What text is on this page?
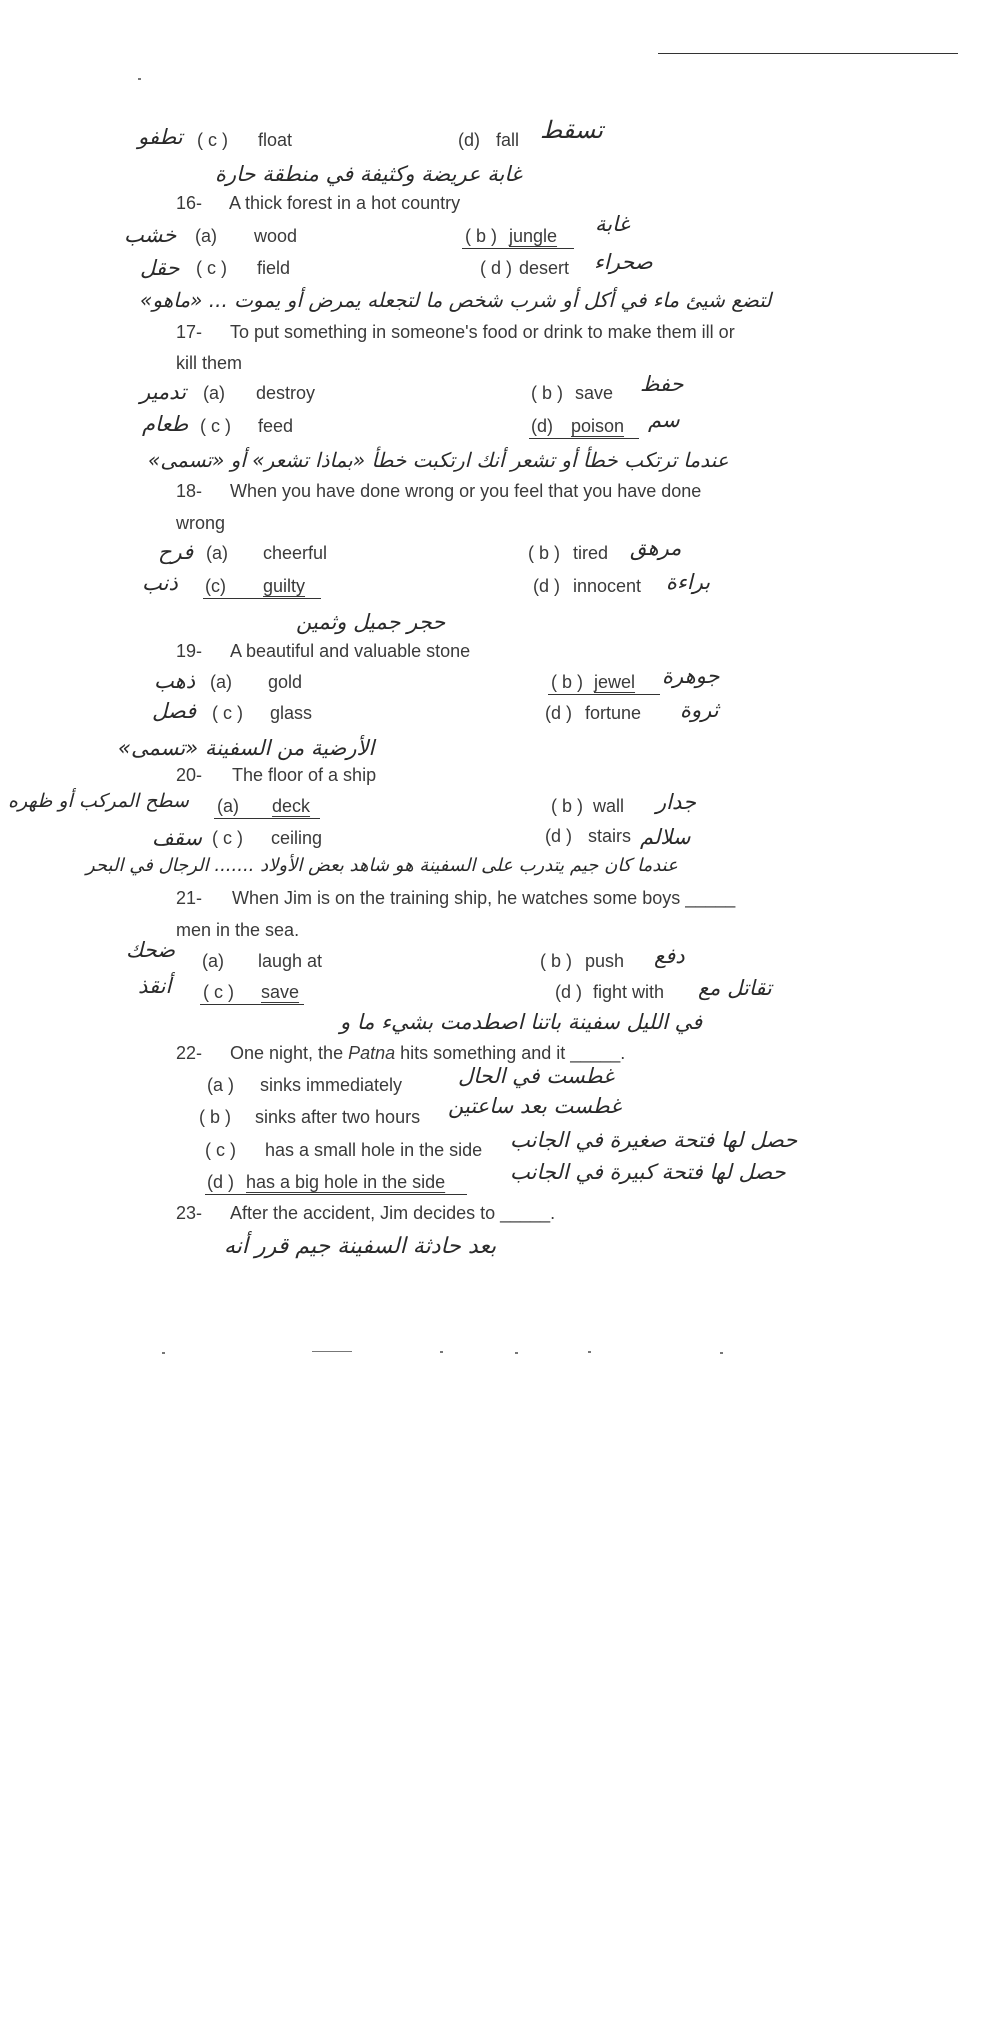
تطفو ( c ) float	(d) fall تسقط
غابة عريضة وكثيفة في منطقة حارة
16- A thick forest in a hot country
خشب (a) wood	( b ) jungle غابة
حقل ( c ) field	( d ) desert صحراء
لتضع شيئ ماء في أكل أو شرب شخص ما لتجعله يمرض أو يموت ... «ماهو»
17- To put something in someone's food or drink to make them ill or
kill them
تدمير (a) destroy	( b ) save حفظ
طعام ( c ) feed	(d) poison سم
عندما ترتكب خطأ أو تشعر أنك ارتكبت خطأ «بماذا تشعر» أو «تسمى»
18- When you have done wrong or you feel that you have done
wrong
فرح (a) cheerful	( b ) tired مرهق
ذنب (c) guilty	(d ) innocent براءة
حجر جميل وثمين
19- A beautiful and valuable stone
ذهب (a) gold	( b ) jewel جوهرة
فصل ( c ) glass	(d ) fortune ثروة
الأرضية من السفينة «تسمى»
20- The floor of a ship
سطح المركب أو ظهره (a) deck	( b ) wall جدار
سقف ( c ) ceiling	(d ) stairs سلالم
عندما كان جيم يتدرب على السفينة هو شاهد بعض الأولاد ....... الرجال في البحر
21- When Jim is on the training ship, he watches some boys _____
men in the sea.
ضحك (a) laugh at	( b ) push دفع
أنقذ ( c ) save	(d ) fight with تقاتل مع
في الليل سفينة باتنا اصطدمت بشيء ما و
22- One night, the Patna hits something and it _____.
(a ) sinks immediately	غطست في الحال
( b ) sinks after two hours غطست بعد ساعتين
( c ) has a small hole in the side حصل لها فتحة صغيرة في الجانب
(d ) has a big hole in the side	حصل لها فتحة كبيرة في الجانب
23- After the accident, Jim decides to _____.
بعد حادثة السفينة جيم قرر أنه
